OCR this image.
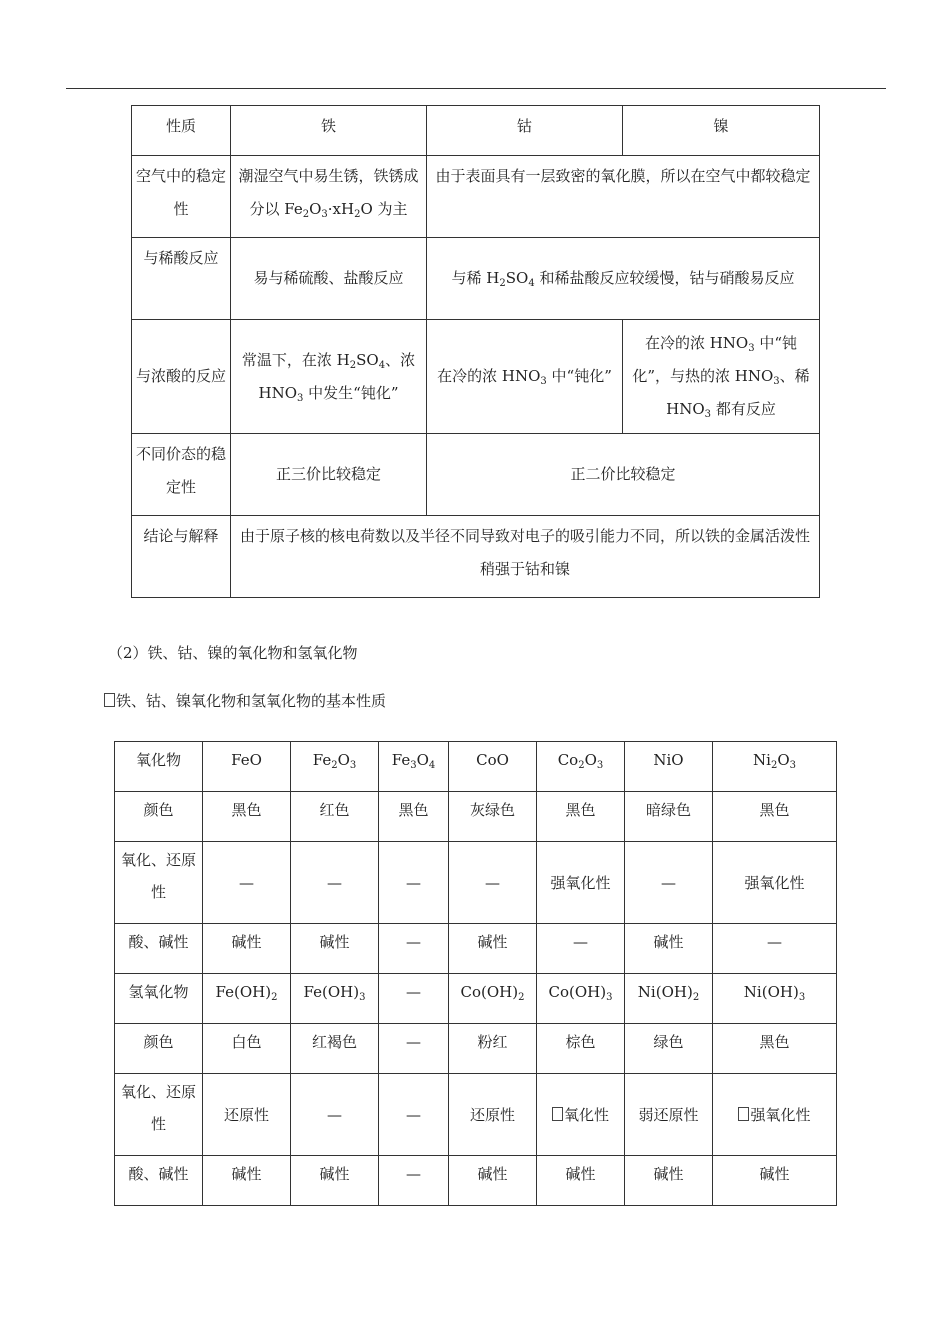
性质	铁	钴	镍
空气中的稳定性	潮湿空气中易生锈，铁锈成分以 $Fe_2O_3\cdot xH_2O$ 为主	由于表面具有一层致密的氧化膜，所以在空气中都较稳定	
与稀酸反应	易与稀硫酸、盐酸反应	与稀 $H_2SO_4$ 和稀盐酸反应较缓慢，钴与硝酸易反应	
与浓酸的反应	常温下，在浓 $H_2SO_4$、浓 $HNO_3$ 中发生“钝化”	在冷的浓 $HNO_3$ 中“钝化”	在冷的浓 $HNO_3$ 中“钝化”，与热的浓 $HNO_3$、稀 $HNO_3$ 都有反应
不同价态的稳定性	正三价比较稳定	正二价比较稳定	
结论与解释	由于原子核的核电荷数以及半径不同导致对电子的吸引能力不同，所以铁的金属活泼性稍强于钴和镍		
（2）铁、钴、镍的氧化物和氢氧化物
铁、钴、镍氧化物和氢氧化物的基本性质
氧化物	FeO	$Fe_2O_3$	$Fe_3O_4$	CoO	$Co_2O_3$	NiO	$Ni_2O_3$
颜色	黑色	红色	黑色	灰绿色	黑色	暗绿色	黑色
氧化、还原性	—	—	—	—	强氧化性	—	强氧化性
酸、碱性	碱性	碱性	—	碱性	—	碱性	—
氢氧化物	$Fe(OH)_2$	$Fe(OH)_3$	—	$Co(OH)_2$	$Co(OH)_3$	$Ni(OH)_2$	$Ni(OH)_3$
颜色	白色	红褐色	—	粉红	棕色	绿色	黑色
氧化、还原性	还原性	—	—	还原性	氧化性	弱还原性	强氧化性
酸、碱性	碱性	碱性	—	碱性	碱性	碱性	碱性
